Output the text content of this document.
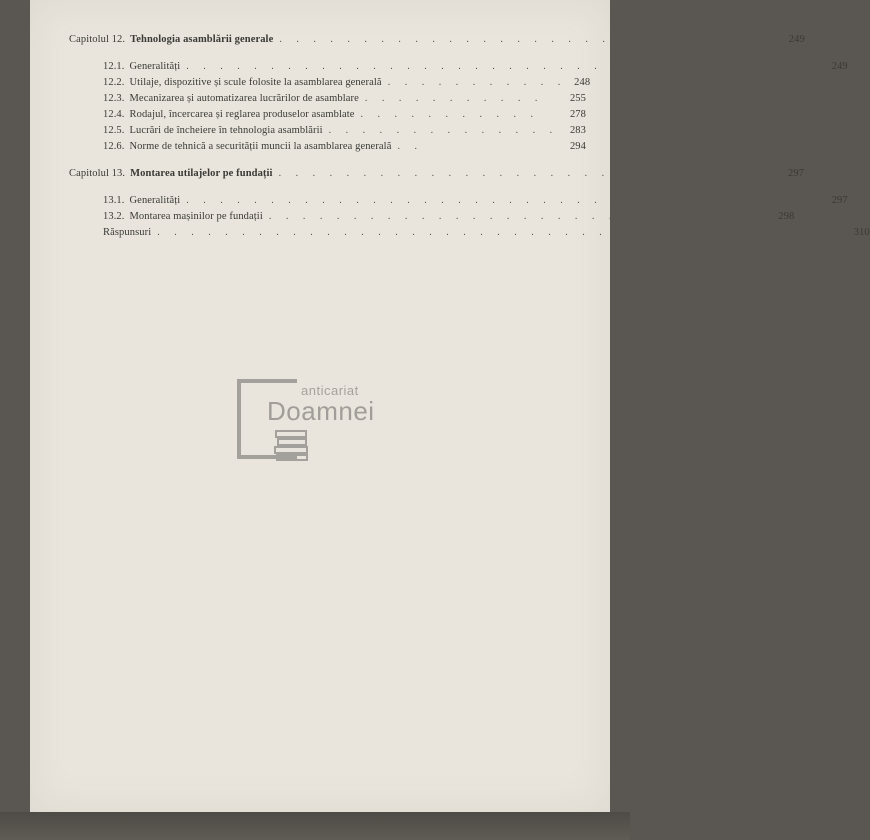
Capitolul 12. Tehnologia asamblării generale . . . . . . . . . . . . . . . . . . . . . . . . . . . . . . 249
12.1. Generalități . . . . . . . . . . . . . . . . . . . . . . . . . . . . . . . . . . . . . . 249
12.2. Utilaje, dispozitive și scule folosite la asamblarea generală . . . . . . . . . . . 248
12.3. Mecanizarea și automatizarea lucrărilor de asamblare . . . . . . . . . . .	255
12.4. Rodajul, încercarea și reglarea produselor asamblate . . . . . . . . . . .	278
12.5. Lucrări de încheiere în tehnologia asamblării . . . . . . . . . . . . . .	283
12.6. Norme de tehnică a securității muncii la asamblarea generală . .	294
Capitolul 13. Montarea utilajelor pe fundații . . . . . . . . . . . . . . . . . . . . . . . . . . . . . . 297
13.1. Generalități . . . . . . . . . . . . . . . . . . . . . . . . . . . . . . . . . . . . . . 297
13.2. Montarea mașinilor pe fundații . . . . . . . . . . . . . . . . . . . . . . . . . . . . . . 298
Răspunsuri . . . . . . . . . . . . . . . . . . . . . . . . . . . . . . . . . . . . . . . . . 310
anticariat
Doamnei
